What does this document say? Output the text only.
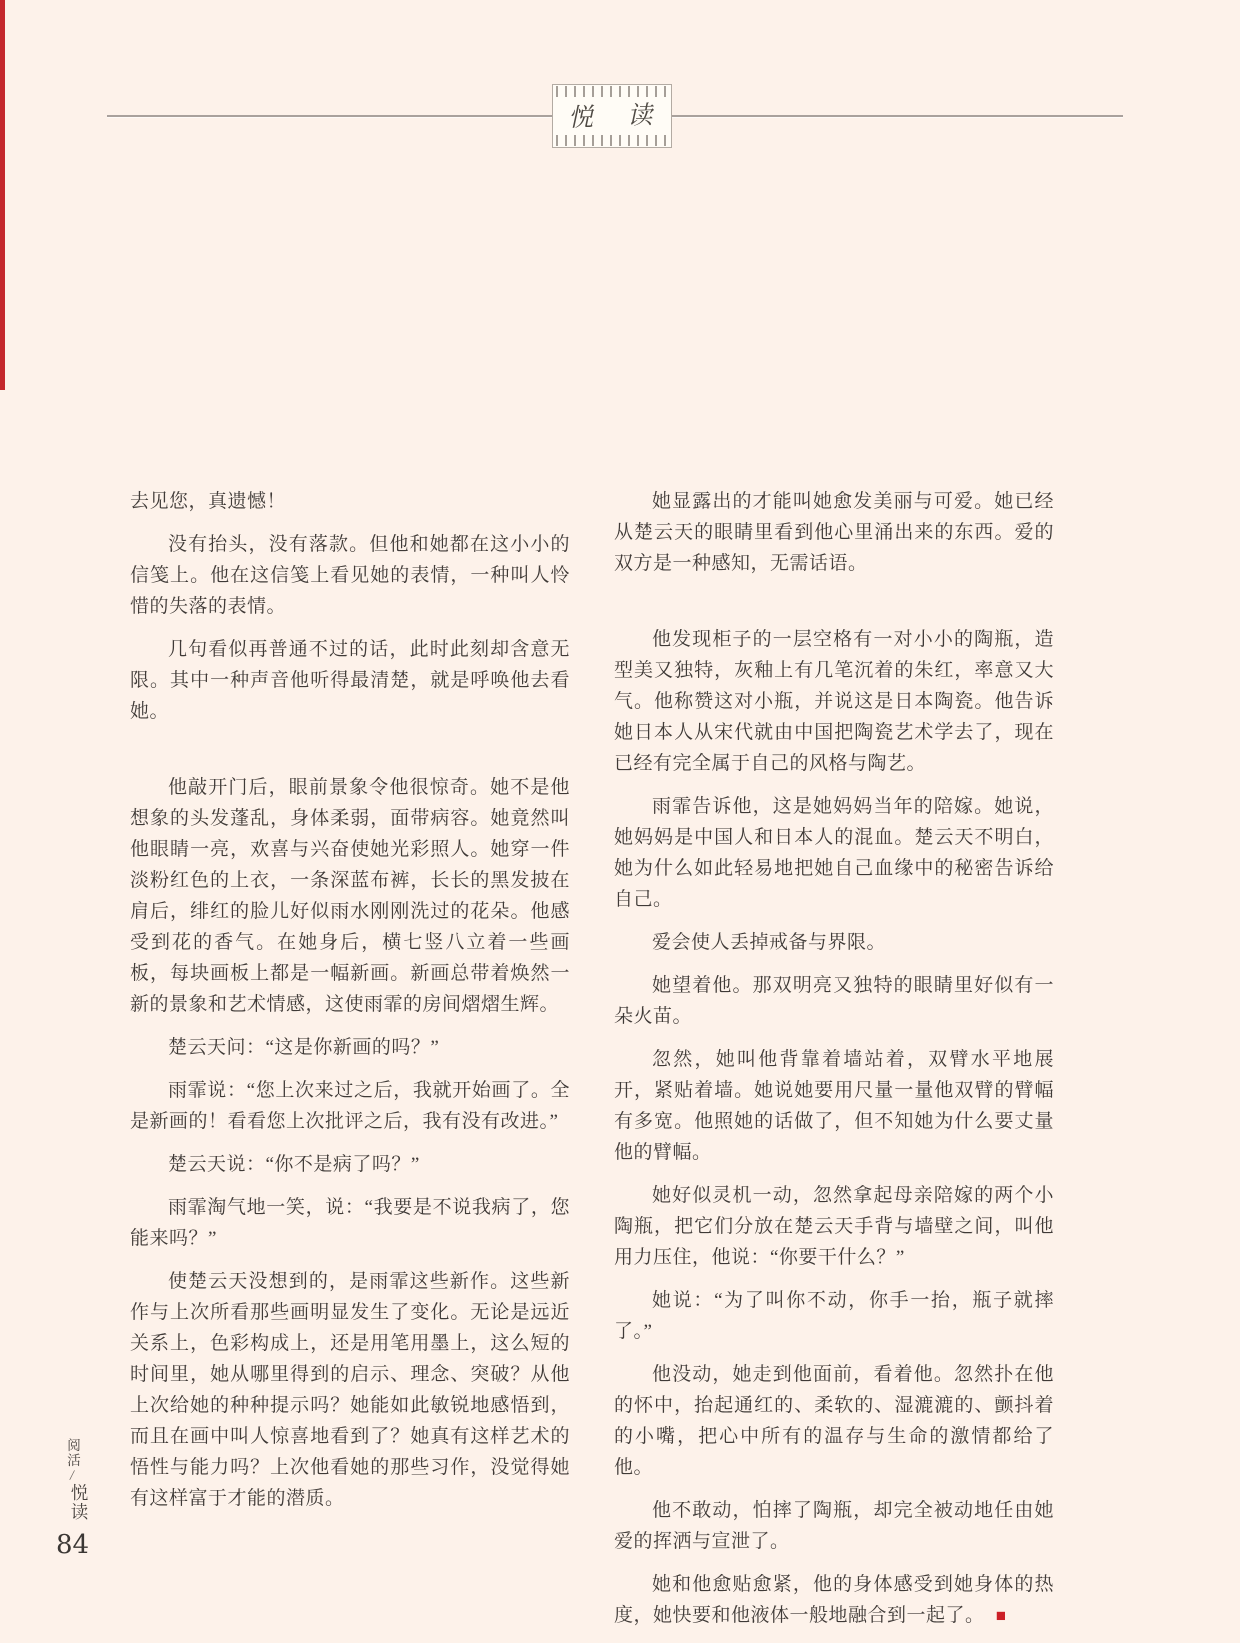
悦 读

去见您，真遗憾！

没有抬头，没有落款。但他和她都在这小小的信笺上。他在这信笺上看见她的表情，一种叫人怜惜的失落的表情。

几句看似再普通不过的话，此时此刻却含意无限。其中一种声音他听得最清楚，就是呼唤他去看她。

他敲开门后，眼前景象令他很惊奇。她不是他想象的头发蓬乱，身体柔弱，面带病容。她竟然叫他眼睛一亮，欢喜与兴奋使她光彩照人。她穿一件淡粉红色的上衣，一条深蓝布裤，长长的黑发披在肩后，绯红的脸儿好似雨水刚刚洗过的花朵。他感受到花的香气。在她身后，横七竖八立着一些画板，每块画板上都是一幅新画。新画总带着焕然一新的景象和艺术情感，这使雨霏的房间熠熠生辉。

楚云天问：“这是你新画的吗？”

雨霏说：“您上次来过之后，我就开始画了。全是新画的！看看您上次批评之后，我有没有改进。”

楚云天说：“你不是病了吗？”

雨霏淘气地一笑，说：“我要是不说我病了，您能来吗？”

使楚云天没想到的，是雨霏这些新作。这些新作与上次所看那些画明显发生了变化。无论是远近关系上，色彩构成上，还是用笔用墨上，这么短的时间里，她从哪里得到的启示、理念、突破？从他上次给她的种种提示吗？她能如此敏锐地感悟到，而且在画中叫人惊喜地看到了？她真有这样艺术的悟性与能力吗？上次他看她的那些习作，没觉得她有这样富于才能的潜质。

她显露出的才能叫她愈发美丽与可爱。她已经从楚云天的眼睛里看到他心里涌出来的东西。爱的双方是一种感知，无需话语。

他发现柜子的一层空格有一对小小的陶瓶，造型美又独特，灰釉上有几笔沉着的朱红，率意又大气。他称赞这对小瓶，并说这是日本陶瓷。他告诉她日本人从宋代就由中国把陶瓷艺术学去了，现在已经有完全属于自己的风格与陶艺。

雨霏告诉他，这是她妈妈当年的陪嫁。她说，她妈妈是中国人和日本人的混血。楚云天不明白，她为什么如此轻易地把她自己血缘中的秘密告诉给自己。

爱会使人丢掉戒备与界限。

她望着他。那双明亮又独特的眼睛里好似有一朵火苗。

忽然，她叫他背靠着墙站着，双臂水平地展开，紧贴着墙。她说她要用尺量一量他双臂的臂幅有多宽。他照她的话做了，但不知她为什么要丈量他的臂幅。

她好似灵机一动，忽然拿起母亲陪嫁的两个小陶瓶，把它们分放在楚云天手背与墙壁之间，叫他用力压住，他说：“你要干什么？”

她说：“为了叫你不动，你手一抬，瓶子就摔了。”

他没动，她走到他面前，看着他。忽然扑在他的怀中，抬起通红的、柔软的、湿漉漉的、颤抖着的小嘴，把心中所有的温存与生命的激情都给了他。

他不敢动，怕摔了陶瓶，却完全被动地任由她爱的挥洒与宣泄了。

她和他愈贴愈紧，他的身体感受到她身体的热度，她快要和他液体一般地融合到一起了。 ■

阅活
/
悦读
84
